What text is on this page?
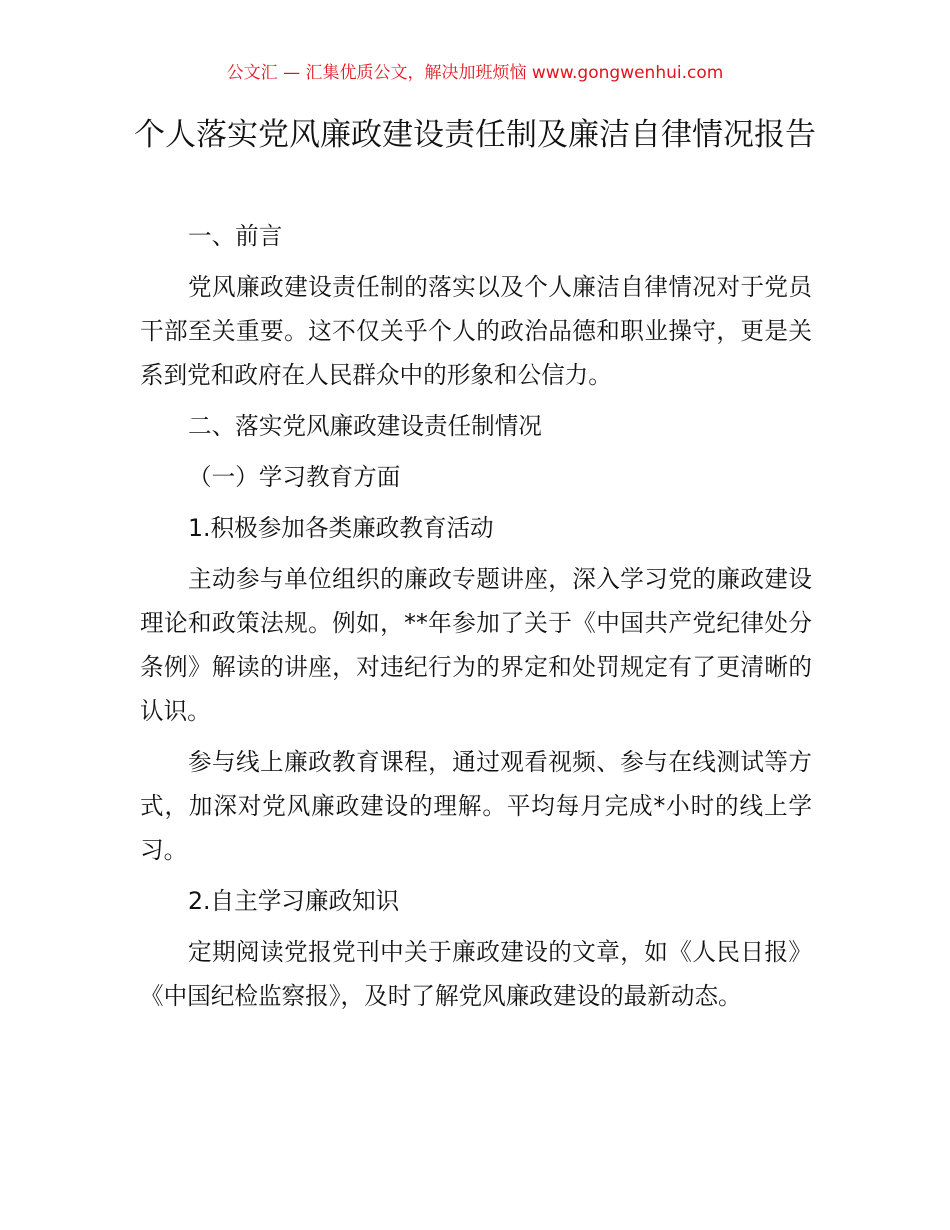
公文汇 — 汇集优质公文，解决加班烦恼 www.gongwenhui.com
个人落实党风廉政建设责任制及廉洁自律情况报告

一、前言

党风廉政建设责任制的落实以及个人廉洁自律情况对于党员干部至关重要。这不仅关乎个人的政治品德和职业操守，更是关系到党和政府在人民群众中的形象和公信力。

二、落实党风廉政建设责任制情况

（一）学习教育方面

1.积极参加各类廉政教育活动

主动参与单位组织的廉政专题讲座，深入学习党的廉政建设理论和政策法规。例如，**年参加了关于《中国共产党纪律处分条例》解读的讲座，对违纪行为的界定和处罚规定有了更清晰的认识。

参与线上廉政教育课程，通过观看视频、参与在线测试等方式，加深对党风廉政建设的理解。平均每月完成*小时的线上学习。

2.自主学习廉政知识

定期阅读党报党刊中关于廉政建设的文章，如《人民日报》《中国纪检监察报》，及时了解党风廉政建设的最新动态。
